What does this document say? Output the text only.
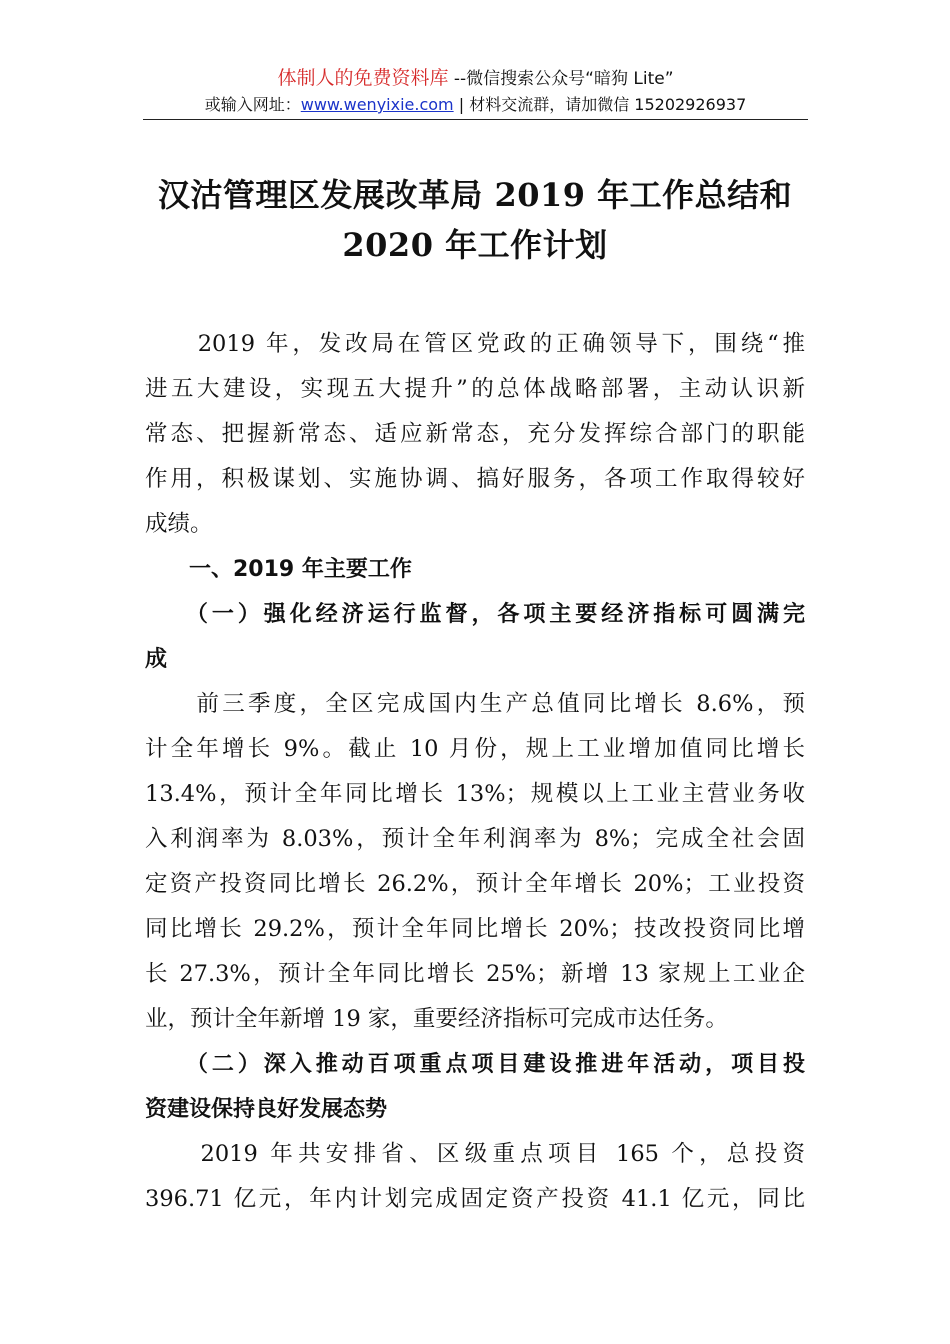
体制人的免费资料库 --微信搜索公众号“暗狗 Lite”
或输入网址：www.wenyixie.com | 材料交流群，请加微信 15202926937
汉沽管理区发展改革局 2019 年工作总结和
2020 年工作计划
　　2019 年，发改局在管区党政的正确领导下，围绕“推
进五大建设，实现五大提升”的总体战略部署，主动认识新
常态、把握新常态、适应新常态，充分发挥综合部门的职能
作用，积极谋划、实施协调、搞好服务，各项工作取得较好
成绩。
　　一、2019 年主要工作
　　（一）强化经济运行监督，各项主要经济指标可圆满完
成
　　前三季度，全区完成国内生产总值同比增长 8.6%，预
计全年增长 9%。截止 10 月份，规上工业增加值同比增长
13.4%，预计全年同比增长 13%；规模以上工业主营业务收
入利润率为 8.03%，预计全年利润率为 8%；完成全社会固
定资产投资同比增长 26.2%，预计全年增长 20%；工业投资
同比增长 29.2%，预计全年同比增长 20%；技改投资同比增
长 27.3%，预计全年同比增长 25%；新增 13 家规上工业企
业，预计全年新增 19 家，重要经济指标可完成市达任务。
　　（二）深入推动百项重点项目建设推进年活动，项目投
资建设保持良好发展态势
　　2019 年共安排省、区级重点项目 165 个，总投资
396.71 亿元，年内计划完成固定资产投资 41.1 亿元，同比
